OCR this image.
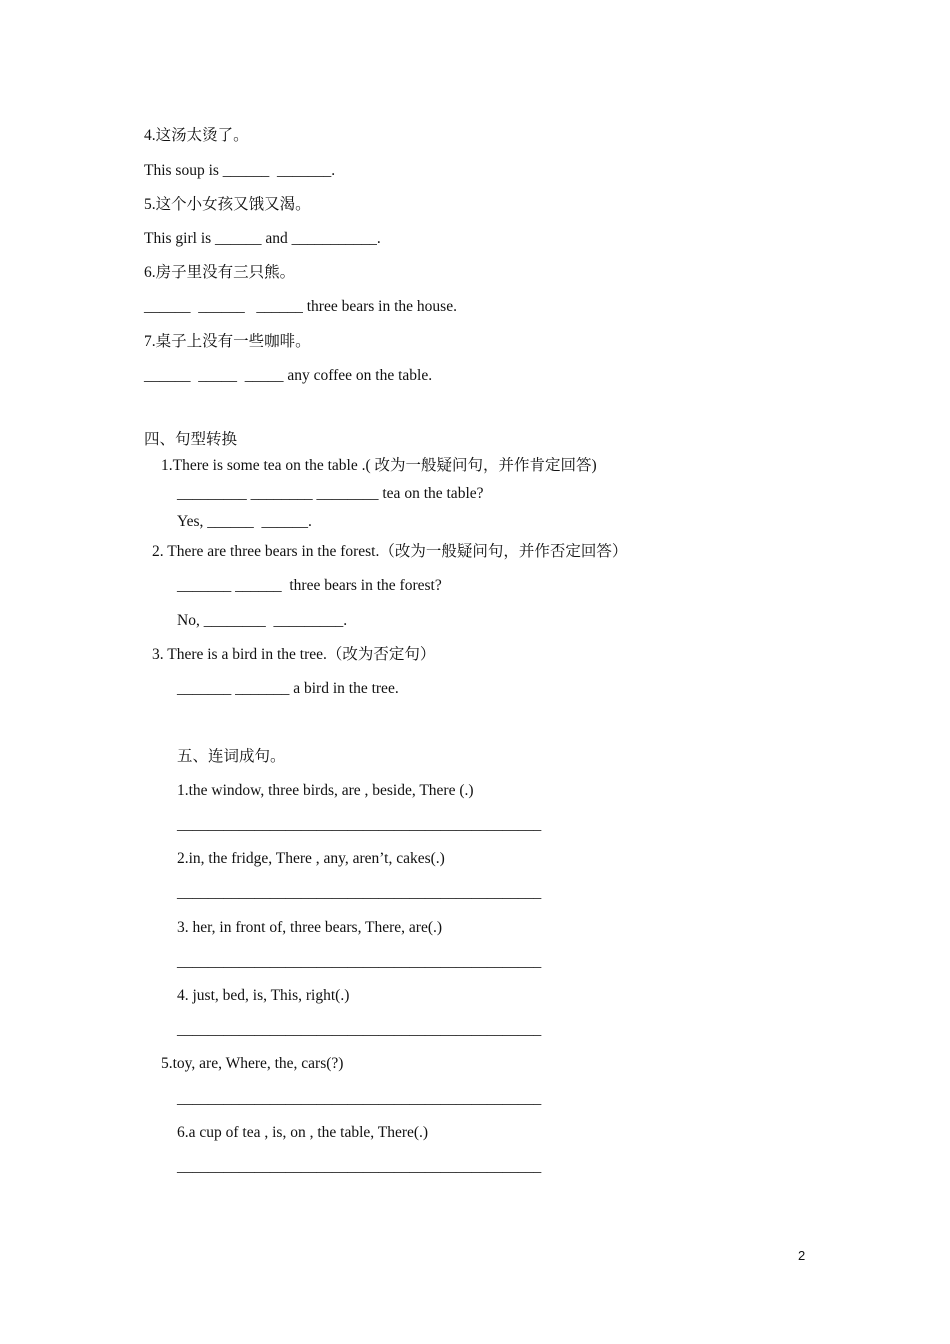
4.这汤太烫了。
This soup is ______  _______.
5.这个小女孩又饿又渴。
This girl is ______ and ___________.
6.房子里没有三只熊。
______  ______   ______ three bears in the house.
7.桌子上没有一些咖啡。
______  _____  _____ any coffee on the table.
四、句型转换
1.There is some tea on the table .( 改为一般疑问句，并作肯定回答)
_________ ________ ________ tea on the table?
Yes, ______  ______.
2. There are three bears in the forest.（改为一般疑问句，并作否定回答）
_______ ______  three bears in the forest?
No, ________  _________.
3. There is a bird in the tree.（改为否定句）
_______ _______ a bird in the tree.
五、连词成句。
1.the window, three birds, are , beside, There (.)
_______________________________________________
2.in, the fridge, There , any, aren’t, cakes(.)
_______________________________________________
3. her, in front of, three bears, There, are(.)
_______________________________________________
4. just, bed, is, This, right(.)
_______________________________________________
5.toy, are, Where, the, cars(?)
_______________________________________________
6.a cup of tea , is, on , the table, There(.)
_______________________________________________
2
